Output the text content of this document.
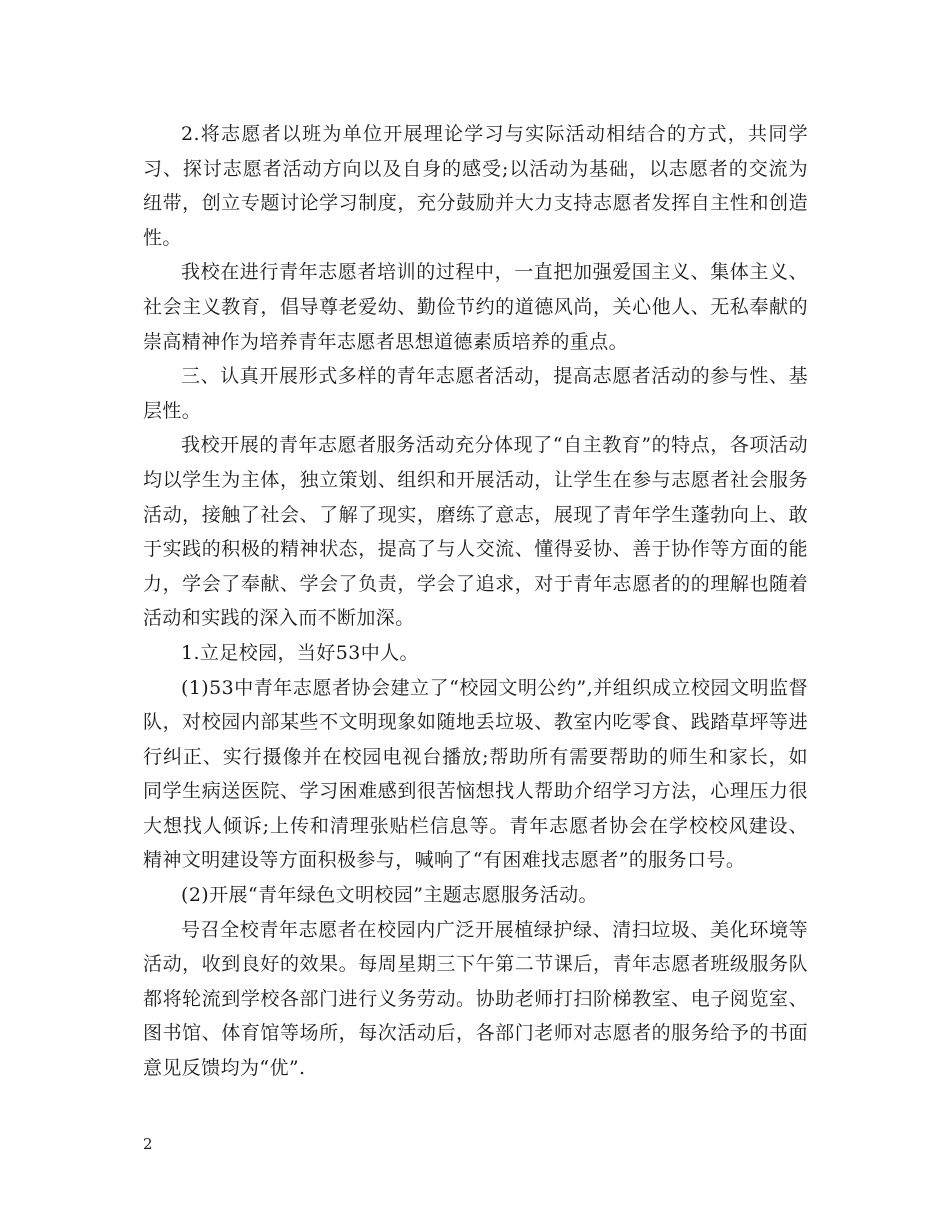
2.将志愿者以班为单位开展理论学习与实际活动相结合的方式，共同学习、探讨志愿者活动方向以及自身的感受;以活动为基础，以志愿者的交流为纽带，创立专题讨论学习制度，充分鼓励并大力支持志愿者发挥自主性和创造性。

我校在进行青年志愿者培训的过程中，一直把加强爱国主义、集体主义、社会主义教育，倡导尊老爱幼、勤俭节约的道德风尚，关心他人、无私奉献的崇高精神作为培养青年志愿者思想道德素质培养的重点。

三、认真开展形式多样的青年志愿者活动，提高志愿者活动的参与性、基层性。

我校开展的青年志愿者服务活动充分体现了“自主教育”的特点，各项活动均以学生为主体，独立策划、组织和开展活动，让学生在参与志愿者社会服务活动，接触了社会、了解了现实，磨练了意志，展现了青年学生蓬勃向上、敢于实践的积极的精神状态，提高了与人交流、懂得妥协、善于协作等方面的能力，学会了奉献、学会了负责，学会了追求，对于青年志愿者的的理解也随着活动和实践的深入而不断加深。

1.立足校园，当好53中人。

(1)53中青年志愿者协会建立了“校园文明公约”,并组织成立校园文明监督队，对校园内部某些不文明现象如随地丢垃圾、教室内吃零食、践踏草坪等进行纠正、实行摄像并在校园电视台播放;帮助所有需要帮助的师生和家长，如同学生病送医院、学习困难感到很苦恼想找人帮助介绍学习方法，心理压力很大想找人倾诉;上传和清理张贴栏信息等。青年志愿者协会在学校校风建设、精神文明建设等方面积极参与，喊响了“有困难找志愿者”的服务口号。

(2)开展“青年绿色文明校园”主题志愿服务活动。

号召全校青年志愿者在校园内广泛开展植绿护绿、清扫垃圾、美化环境等活动，收到良好的效果。每周星期三下午第二节课后，青年志愿者班级服务队都将轮流到学校各部门进行义务劳动。协助老师打扫阶梯教室、电子阅览室、图书馆、体育馆等场所，每次活动后，各部门老师对志愿者的服务给予的书面意见反馈均为“优”.

2
